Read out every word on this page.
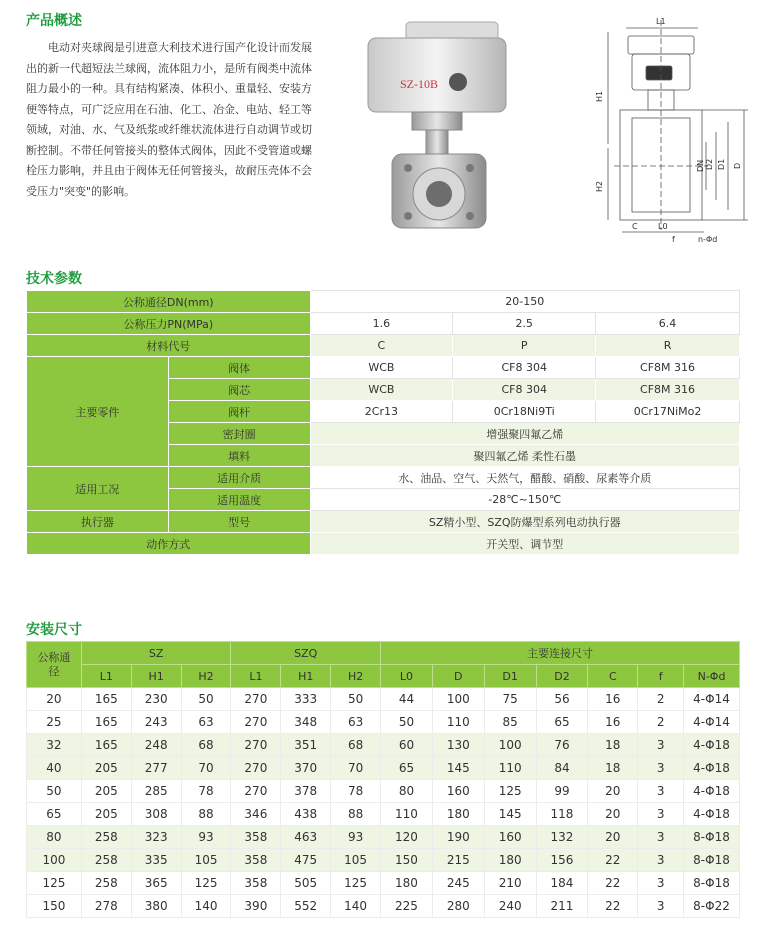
产品概述

电动对夹球阀是引进意大利技术进行国产化设计而发展出的新一代超短法兰球阀，流体阻力小，是所有阀类中流体阻力最小的一种。具有结构紧凑、体积小、重量轻、安装方便等特点，可广泛应用在石油、化工、冶金、电站、轻工等领域，对油、水、气及纸浆或纤维状流体进行自动调节或切断控制。不带任何管接头的整体式阀体，因此不受管道或螺栓压力影响，并且由于阀体无任何管接头，故耐压壳体不会受压力"突变"的影响。

SZ-10B
L1
H1
H2
D
D1
D2
DN
C	L0
f	n-Φd
技术参数
公称通径DN(mm)		20-150		
公称压力PN(MPa)		1.6	2.5	6.4
材料代号		C	P	R
主要零件	阀体	WCB	CF8 304	CF8M 316
	阀芯	WCB	CF8 304	CF8M 316
	阀杆	2Cr13	0Cr18Ni9Ti	0Cr17NiMo2
	密封圈	增强聚四氟乙烯		
	填料	聚四氟乙烯 柔性石墨		
适用工况	适用介质	水、油品、空气、天然气，醋酸、硝酸、尿素等介质		
	适用温度	-28℃~150℃		
执行器	型号	SZ精小型、SZQ防爆型系列电动执行器		
动作方式		开关型、调节型		
安装尺寸
公称通径	SZ			SZQ			主要连接尺寸						
	L1	H1	H2	L1	H1	H2	L0	D	D1	D2	C	f	N-Φd
20	165	230	50	270	333	50	44	100	75	56	16	2	4-Φ14
25	165	243	63	270	348	63	50	110	85	65	16	2	4-Φ14
32	165	248	68	270	351	68	60	130	100	76	18	3	4-Φ18
40	205	277	70	270	370	70	65	145	110	84	18	3	4-Φ18
50	205	285	78	270	378	78	80	160	125	99	20	3	4-Φ18
65	205	308	88	346	438	88	110	180	145	118	20	3	4-Φ18
80	258	323	93	358	463	93	120	190	160	132	20	3	8-Φ18
100	258	335	105	358	475	105	150	215	180	156	22	3	8-Φ18
125	258	365	125	358	505	125	180	245	210	184	22	3	8-Φ18
150	278	380	140	390	552	140	225	280	240	211	22	3	8-Φ22
